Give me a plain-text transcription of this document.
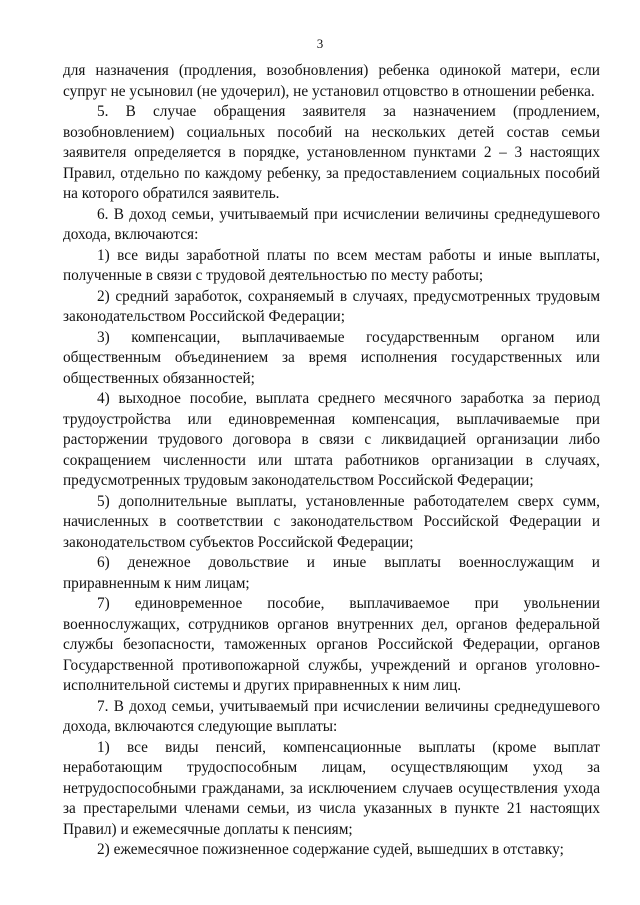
3

для назначения (продления, возобновления) ребенка одинокой матери, если супруг не усыновил (не удочерил), не установил отцовство в отношении ребенка.

5. В случае обращения заявителя за назначением (продлением, возобновлением) социальных пособий на нескольких детей состав семьи заявителя определяется в порядке, установленном пунктами 2 – 3 настоящих Правил, отдельно по каждому ребенку, за предоставлением социальных пособий на которого обратился заявитель.

6. В доход семьи, учитываемый при исчислении величины среднедушевого дохода, включаются:

1) все виды заработной платы по всем местам работы и иные выплаты, полученные в связи с трудовой деятельностью по месту работы;

2) средний заработок, сохраняемый в случаях, предусмотренных трудовым законодательством Российской Федерации;

3) компенсации, выплачиваемые государственным органом или общественным объединением за время исполнения государственных или общественных обязанностей;

4) выходное пособие, выплата среднего месячного заработка за период трудоустройства или единовременная компенсация, выплачиваемые при расторжении трудового договора в связи с ликвидацией организации либо сокращением численности или штата работников организации в случаях, предусмотренных трудовым законодательством Российской Федерации;

5) дополнительные выплаты, установленные работодателем сверх сумм, начисленных в соответствии с законодательством Российской Федерации и законодательством субъектов Российской Федерации;

6) денежное довольствие и иные выплаты военнослужащим и приравненным к ним лицам;

7) единовременное пособие, выплачиваемое при увольнении военнослужащих, сотрудников органов внутренних дел, органов федеральной службы безопасности, таможенных органов Российской Федерации, органов Государственной противопожарной службы, учреждений и органов уголовно-исполнительной системы и других приравненных к ним лиц.

7. В доход семьи, учитываемый при исчислении величины среднедушевого дохода, включаются следующие выплаты:

1) все виды пенсий, компенсационные выплаты (кроме выплат неработающим трудоспособным лицам, осуществляющим уход за нетрудоспособными гражданами, за исключением случаев осуществления ухода за престарелыми членами семьи, из числа указанных в пункте 21 настоящих Правил) и ежемесячные доплаты к пенсиям;

2) ежемесячное пожизненное содержание судей, вышедших в отставку;
